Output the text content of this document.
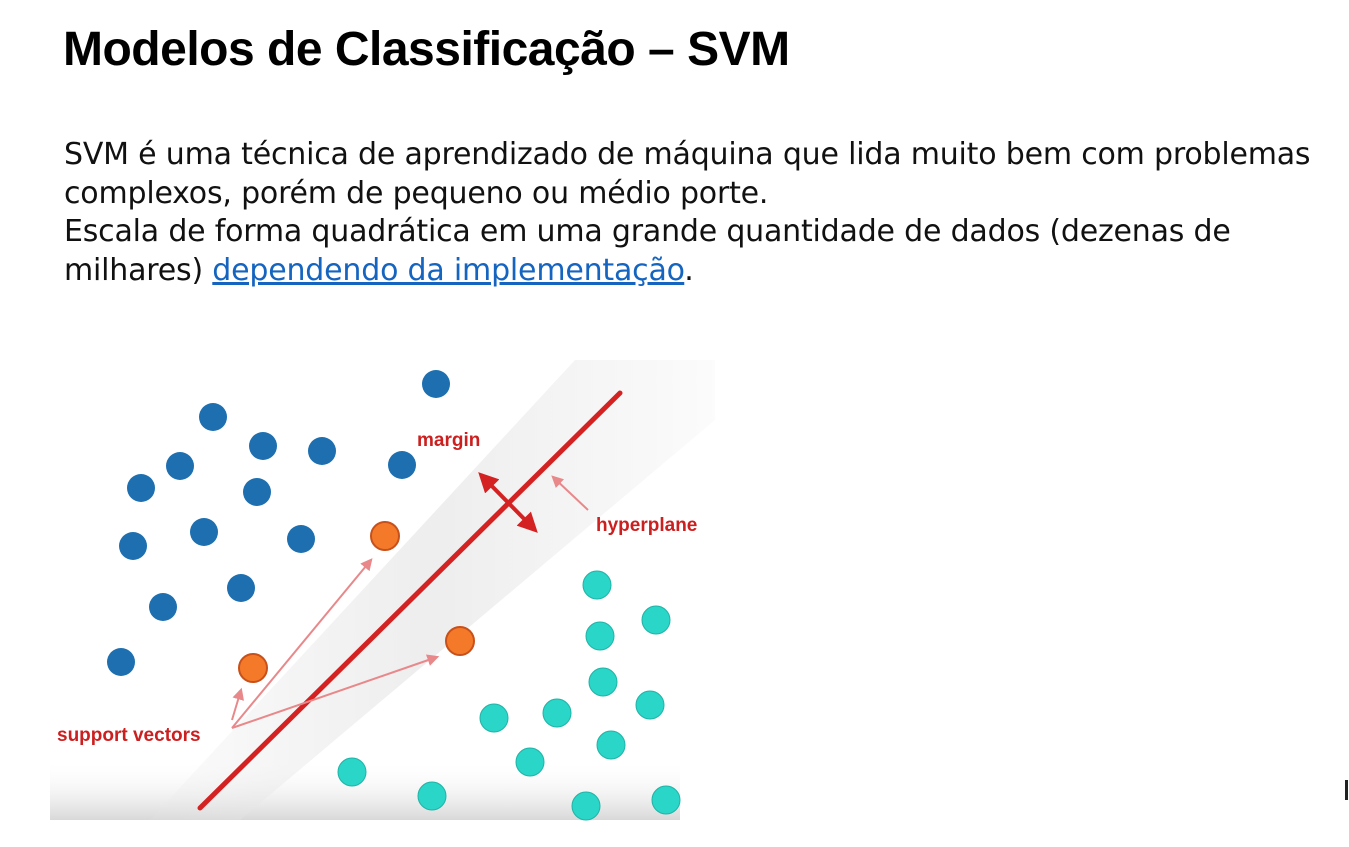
Modelos de Classificação – SVM

SVM é uma técnica de aprendizado de máquina que lida muito bem com problemas complexos, porém de pequeno ou médio porte.

Escala de forma quadrática em uma grande quantidade de dados (dezenas de milhares) dependendo da implementação.

margin
hyperplane
support vectors
